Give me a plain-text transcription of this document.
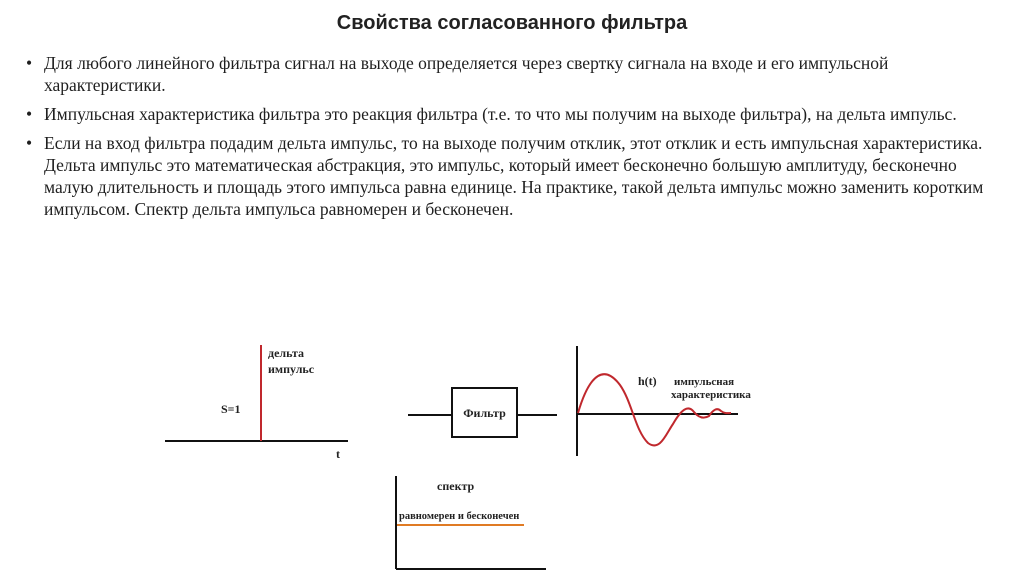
Свойства согласованного фильтра
• Для любого линейного фильтра сигнал на выходе определяется через свертку сигнала на входе и его импульсной характеристики.
• Импульсная характеристика фильтра это реакция фильтра (т.е. то что мы получим на выходе фильтра), на дельта импульс.
• Если на вход фильтра подадим дельта импульс, то на выходе получим отклик, этот отклик и есть импульсная характеристика. Дельта импульс это математическая абстракция, это импульс, который имеет бесконечно большую амплитуду, бесконечно малую длительность и площадь этого импульса равна единице. На практике, такой дельта импульс можно заменить коротким импульсом. Спектр дельта импульса равномерен и бесконечен.
дельта
импульс
S=1
t
Фильтр
h(t) импульсная
характеристика
спектр
равномерен и бесконечен
